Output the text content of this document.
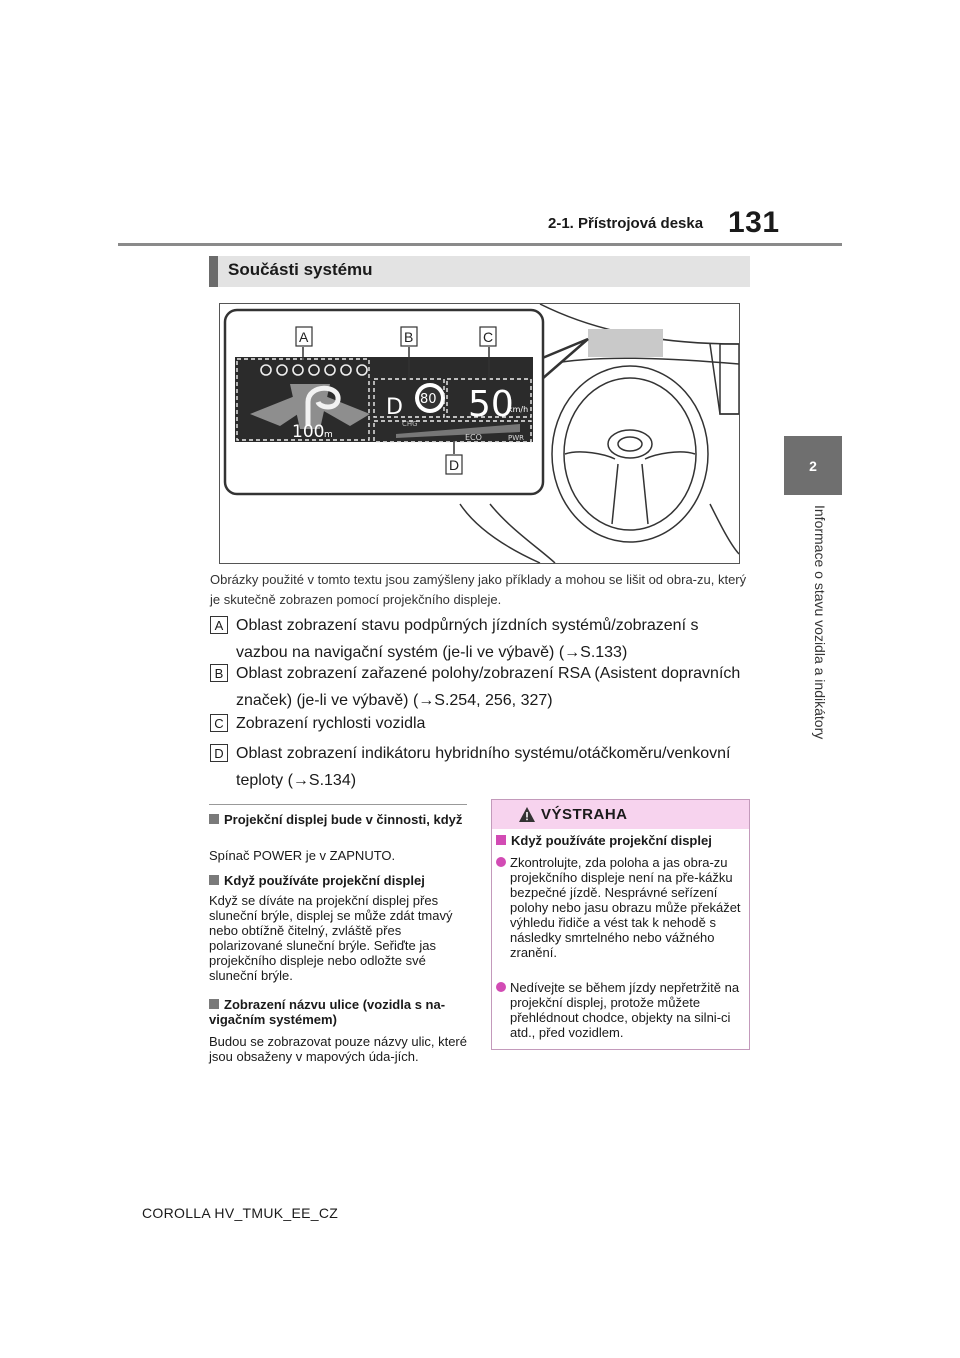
2-1. Přístrojová deska 131
2
Informace o stavu vozidla a indikátory
Součásti systému
100 m
D 80 50
km/h
CHG
ECO	PWR
A	B	C
D
Obrázky použité v tomto textu jsou zamýšleny jako příklady a mohou se lišit od obra-zu, který je skutečně zobrazen pomocí projekčního displeje.
A Oblast zobrazení stavu podpůrných jízdních systémů/zobrazení s vazbou na navigační systém (je-li ve výbavě) (→S.133)
B Oblast zobrazení zařazené polohy/zobrazení RSA (Asistent dopravních značek) (je-li ve výbavě) (→S.254, 256, 327)
C Zobrazení rychlosti vozidla
D Oblast zobrazení indikátoru hybridního systému/otáčkoměru/venkovní teploty (→S.134)
Projekční displej bude v činnosti, když
Spínač POWER je v ZAPNUTO.
Když používáte projekční displej
Když se díváte na projekční displej přes sluneční brýle, displej se může zdát tmavý nebo obtížně čitelný, zvláště přes polarizované sluneční brýle. Seřiďte jas projekčního displeje nebo odložte své sluneční brýle.
Zobrazení názvu ulice (vozidla s na-vigačním systémem)
Budou se zobrazovat pouze názvy ulic, které jsou obsaženy v mapových úda-jích.
VÝSTRAHA
Když používáte projekční displej
Zkontrolujte, zda poloha a jas obra-zu projekčního displeje není na pře-kážku bezpečné jízdě. Nesprávné seřízení polohy nebo jasu obrazu může překážet výhledu řidiče a vést tak k nehodě s následky smrtelného nebo vážného zranění.
Nedívejte se během jízdy nepřetržitě na projekční displej, protože můžete přehlédnout chodce, objekty na silni-ci atd., před vozidlem.
COROLLA HV_TMUK_EE_CZ
